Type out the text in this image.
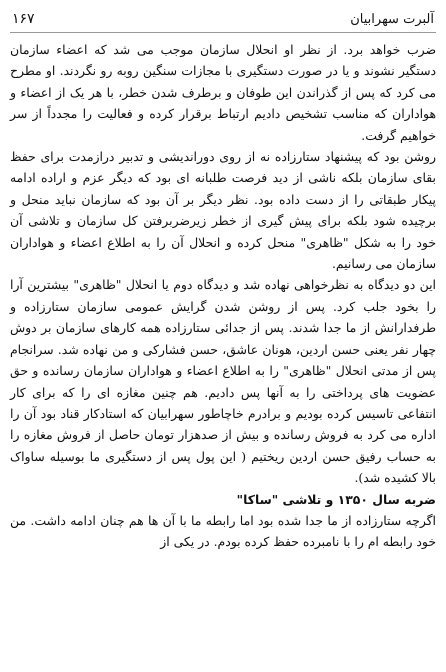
آلبرت سهرابیان
۱۶۷

ضرب خواهد برد. از نظر او انحلال سازمان موجب می شد که اعضاء سازمان دستگیر نشوند و یا در صورت دستگیری با مجازات سنگین روبه رو نگردند. او مطرح می کرد که پس از گذراندن این طوفان و برطرف شدن خطر، با هر یک از اعضاء و هواداران که مناسب تشخیص دادیم ارتباط برقرار کرده و فعالیت را مجدداً از سر خواهیم گرفت.

روشن بود که پیشنهاد ستارزاده نه از روی دوراندیشی و تدبیر درازمدت برای حفظ بقای سازمان بلکه ناشی از دید فرصت طلبانه ای بود که دیگر عزم و اراده ادامه پیکار طبقاتی را از دست داده بود. نظر دیگر بر آن بود که سازمان نباید منحل و برچیده شود بلکه برای پیش گیری از خطر زیرضربرفتن کل سازمان و تلاشی آن خود را به شکل "ظاهری" منحل کرده و انحلال آن را به اطلاع اعضاء و هواداران سازمان می رسانیم.

این دو دیدگاه به نظرخواهی نهاده شد و دیدگاه دوم یا انحلال "ظاهری" بیشترین آرا را بخود جلب کرد. پس از روشن شدن گرایش عمومی سازمان ستارزاده و طرفدارانش از ما جدا شدند. پس از جدائی ستارزاده همه کارهای سازمان بر دوش چهار نفر یعنی حسن اردین، هونان عاشق، حسن فشارکی و من نهاده شد. سرانجام پس از مدتی انحلال "ظاهری" را به اطلاع اعضاء و هواداران سازمان رسانده و حق عضویت های پرداختی را به آنها پس دادیم. هم چنین مغازه ای را که برای کار انتفاعی تاسیس کرده بودیم و برادرم خاچاطور سهرابیان که استادکار قناد بود آن را اداره می کرد به فروش رسانده و بیش از صدهزار تومان حاصل از فروش مغازه را به حساب رفیق حسن اردین ریختیم ( این پول پس از دستگیری ما بوسیله ساواک بالا کشیده شد).

ضربه سال ۱۳۵۰ و تلاشی "ساکا"

اگرچه ستارزاده از ما جدا شده بود اما رابطه ما با آن ها هم چنان ادامه داشت. من خود رابطه ام را با نامبرده حفظ کرده بودم. در یکی از
